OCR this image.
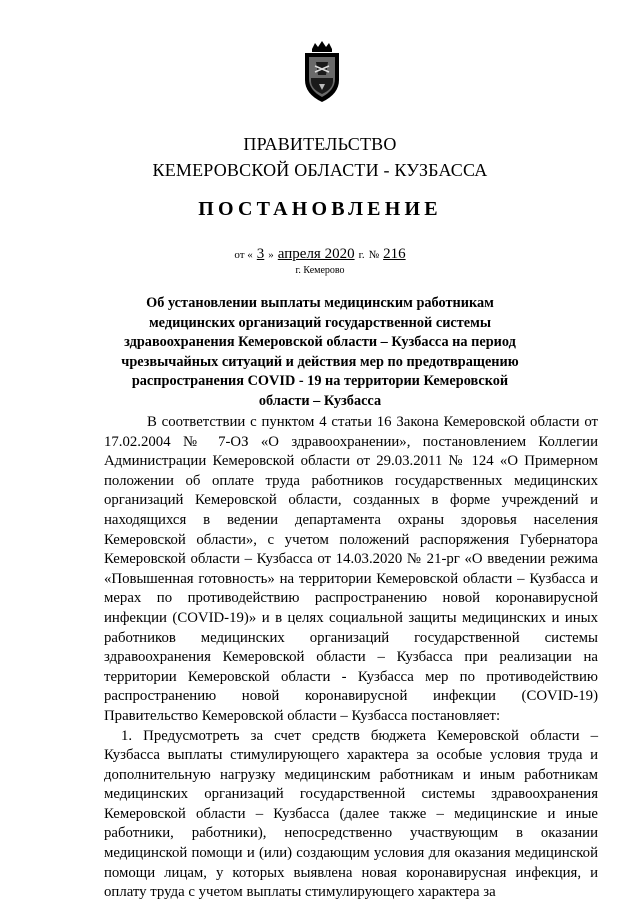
ПРАВИТЕЛЬСТВО
КЕМЕРОВСКОЙ ОБЛАСТИ - КУЗБАССА
ПОСТАНОВЛЕНИЕ
от « 3 » апреля 2020 г. № 216
г. Кемерово
Об установлении выплаты медицинским работникам медицинских организаций государственной системы здравоохранения Кемеровской области – Кузбасса на период чрезвычайных ситуаций и действия мер по предотвращению распространения COVID - 19 на территории Кемеровской области – Кузбасса

В соответствии с пунктом 4 статьи 16 Закона Кемеровской области от 17.02.2004 № 7-ОЗ «О здравоохранении», постановлением Коллегии Администрации Кемеровской области от 29.03.2011 № 124 «О Примерном положении об оплате труда работников государственных медицинских организаций Кемеровской области, созданных в форме учреждений и находящихся в ведении департамента охраны здоровья населения Кемеровской области», с учетом положений распоряжения Губернатора Кемеровской области – Кузбасса от 14.03.2020 № 21-рг «О введении режима «Повышенная готовность» на территории Кемеровской области – Кузбасса и мерах по противодействию распространению новой коронавирусной инфекции (COVID-19)» и в целях социальной защиты медицинских и иных работников медицинских организаций государственной системы здравоохранения Кемеровской области – Кузбасса при реализации на территории Кемеровской области - Кузбасса мер по противодействию распространению новой коронавирусной инфекции (COVID-19) Правительство Кемеровской области – Кузбасса постановляет:

1. Предусмотреть за счет средств бюджета Кемеровской области – Кузбасса выплаты стимулирующего характера за особые условия труда и дополнительную нагрузку медицинским работникам и иным работникам медицинских организаций государственной системы здравоохранения Кемеровской области – Кузбасса (далее также – медицинские и иные работники, работники), непосредственно участвующим в оказании медицинской помощи и (или) создающим условия для оказания медицинской помощи лицам, у которых выявлена новая коронавирусная инфекция, и оплату труда с учетом выплаты стимулирующего характера за
